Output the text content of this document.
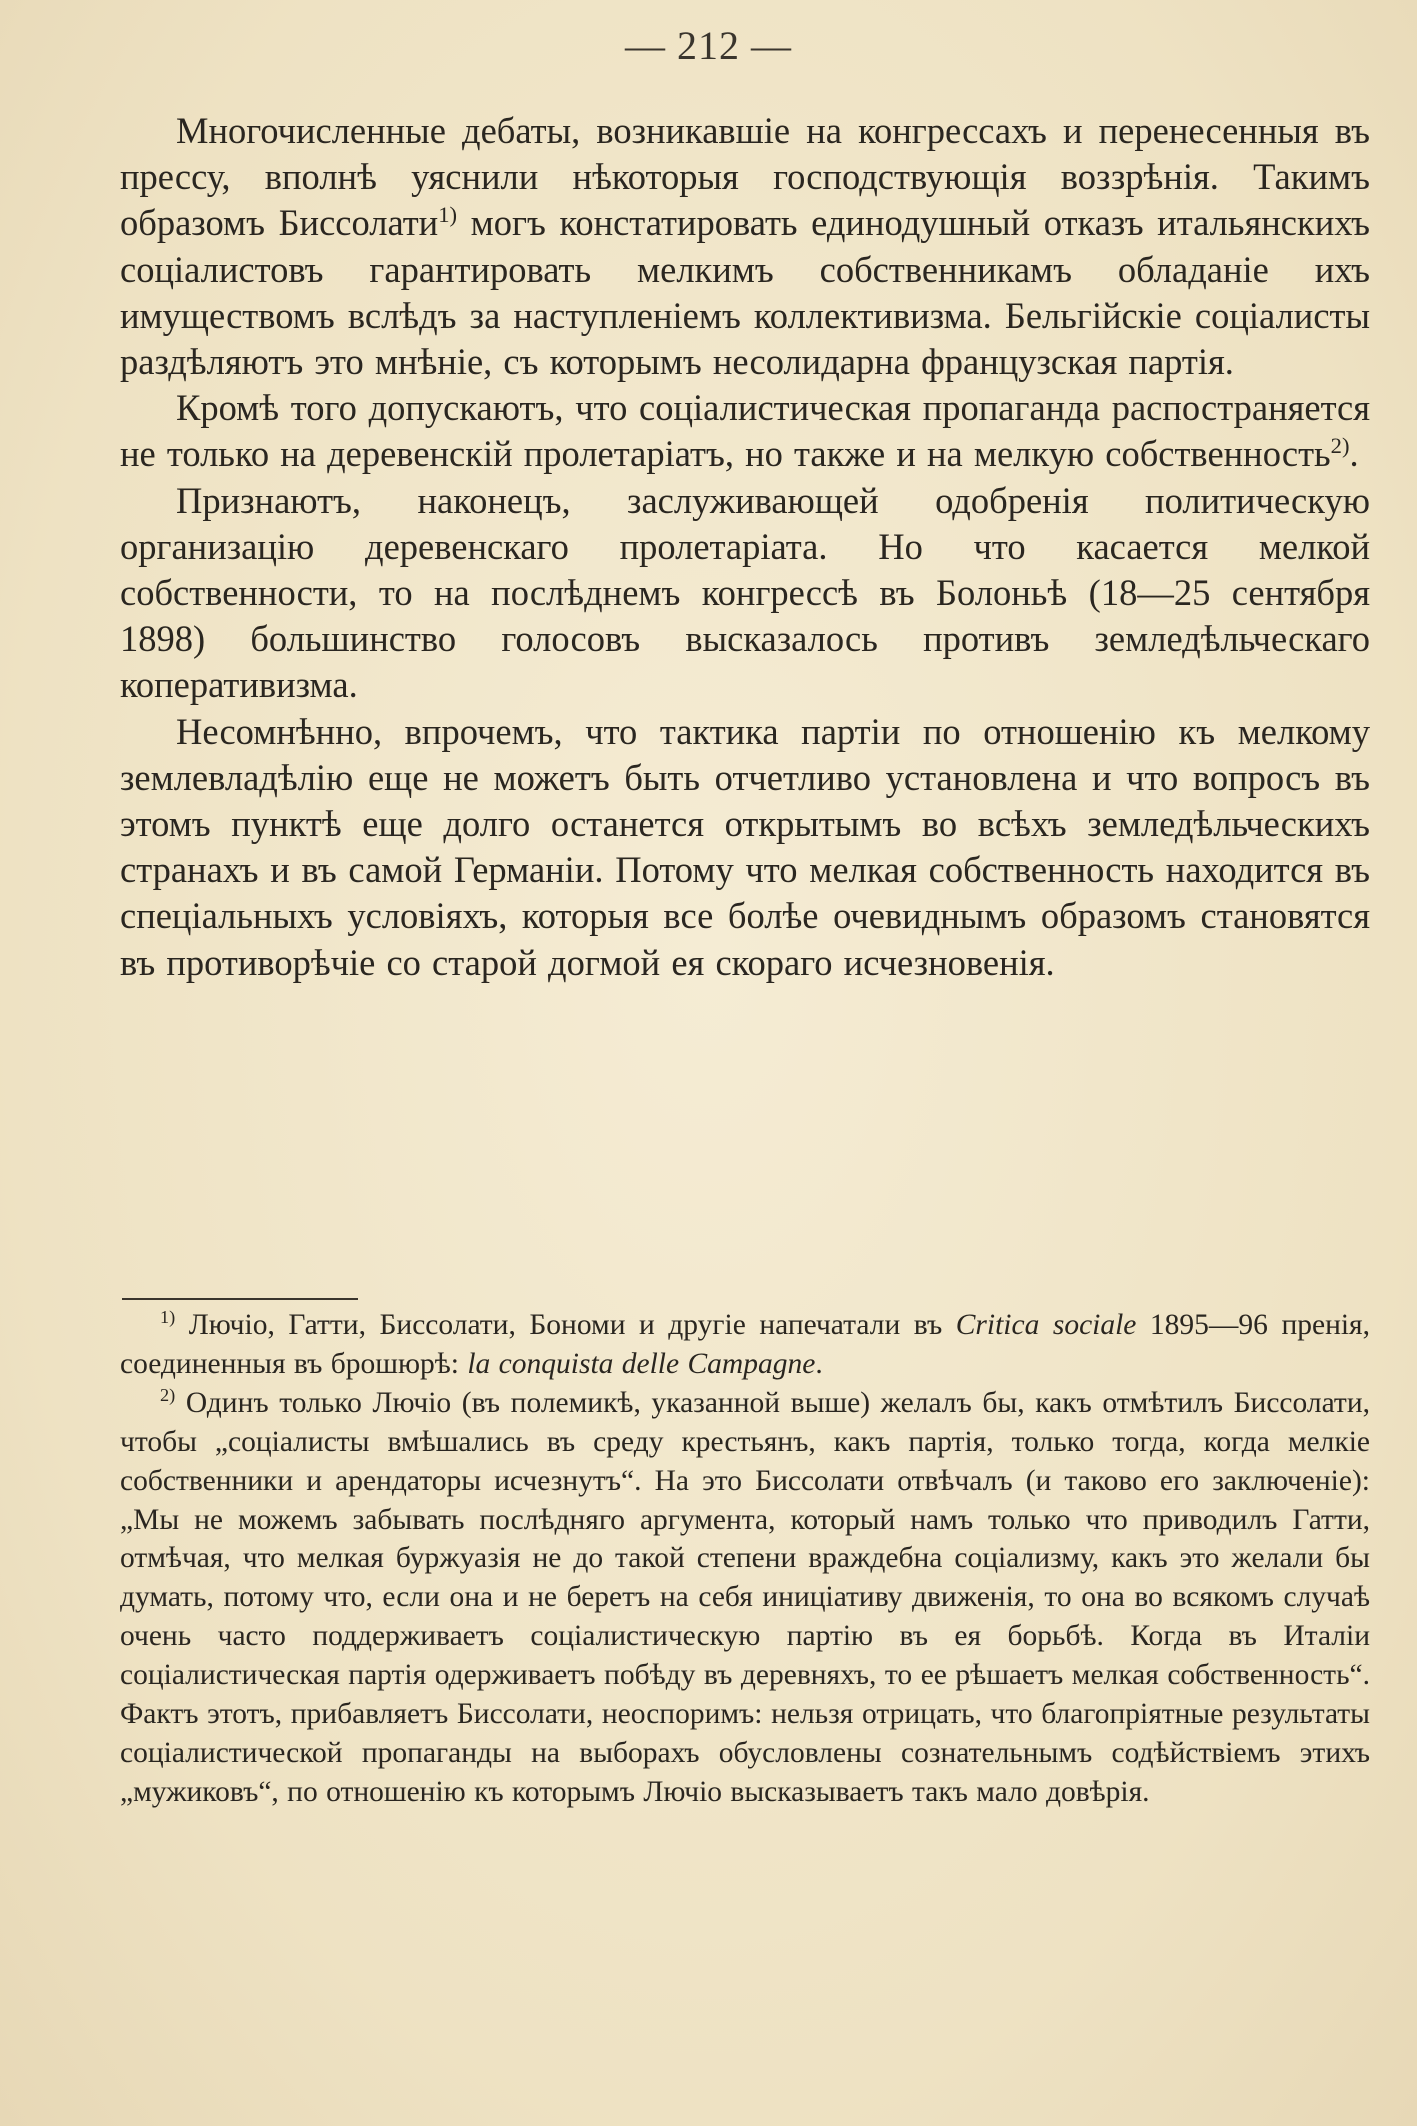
— 212 —

Многочисленные дебаты, возникавшіе на конгрессахъ и перенесенныя въ прессу, вполнѣ уяснили нѣкоторыя господствующія воззрѣнія. Такимъ образомъ Биссолати$^{1)}$ могъ констатировать единодушный отказъ итальянскихъ соціалистовъ гарантировать мелкимъ собственникамъ обладаніе ихъ имуществомъ вслѣдъ за наступленіемъ коллективизма. Бельгійскіе соціалисты раздѣляютъ это мнѣніе, съ которымъ несолидарна французская партія.

Кромѣ того допускаютъ, что соціалистическая пропаганда распостраняется не только на деревенскій пролетаріатъ, но также и на мелкую собственность$^{2)}$.

Признаютъ, наконецъ, заслуживающей одобренія политическую организацію деревенскаго пролетаріата. Но что касается мелкой собственности, то на послѣднемъ конгрессѣ въ Болоньѣ (18—25 сентября 1898) большинство голосовъ высказалось противъ земледѣльческаго коперативизма.

Несомнѣнно, впрочемъ, что тактика партіи по отношенію къ мелкому землевладѣлію еще не можетъ быть отчетливо установлена и что вопросъ въ этомъ пунктѣ еще долго останется открытымъ во всѣхъ земледѣльческихъ странахъ и въ самой Германіи. Потому что мелкая собственность находится въ спеціальныхъ условіяхъ, которыя все болѣе очевиднымъ образомъ становятся въ противорѣчіе со старой догмой ея скораго исчезновенія.

$^{1)}$ Лючіо, Гатти, Биссолати, Бономи и другіе напечатали въ Critica sociale 1895—96 пренія, соединенныя въ брошюрѣ: la conquista delle Campagne.

$^{2)}$ Одинъ только Лючіо (въ полемикѣ, указанной выше) желалъ бы, какъ отмѣтилъ Биссолати, чтобы „соціалисты вмѣшались въ среду крестьянъ, какъ партія, только тогда, когда мелкіе собственники и арендаторы исчезнутъ“. На это Биссолати отвѣчалъ (и таково его заключеніе): „Мы не можемъ забывать послѣдняго аргумента, который намъ только что приводилъ Гатти, отмѣчая, что мелкая буржуазія не до такой степени враждебна соціализму, какъ это желали бы думать, потому что, если она и не беретъ на себя иниціативу движенія, то она во всякомъ случаѣ очень часто поддерживаетъ соціалистическую партію въ ея борьбѣ. Когда въ Италіи соціалистическая партія одерживаетъ побѣду въ деревняхъ, то ее рѣшаетъ мелкая собственность“. Фактъ этотъ, прибавляетъ Биссолати, неоспоримъ: нельзя отрицать, что благопріятные результаты соціалистической пропаганды на выборахъ обусловлены сознательнымъ содѣйствіемъ этихъ „мужиковъ“, по отношенію къ которымъ Лючіо высказываетъ такъ мало довѣрія.
